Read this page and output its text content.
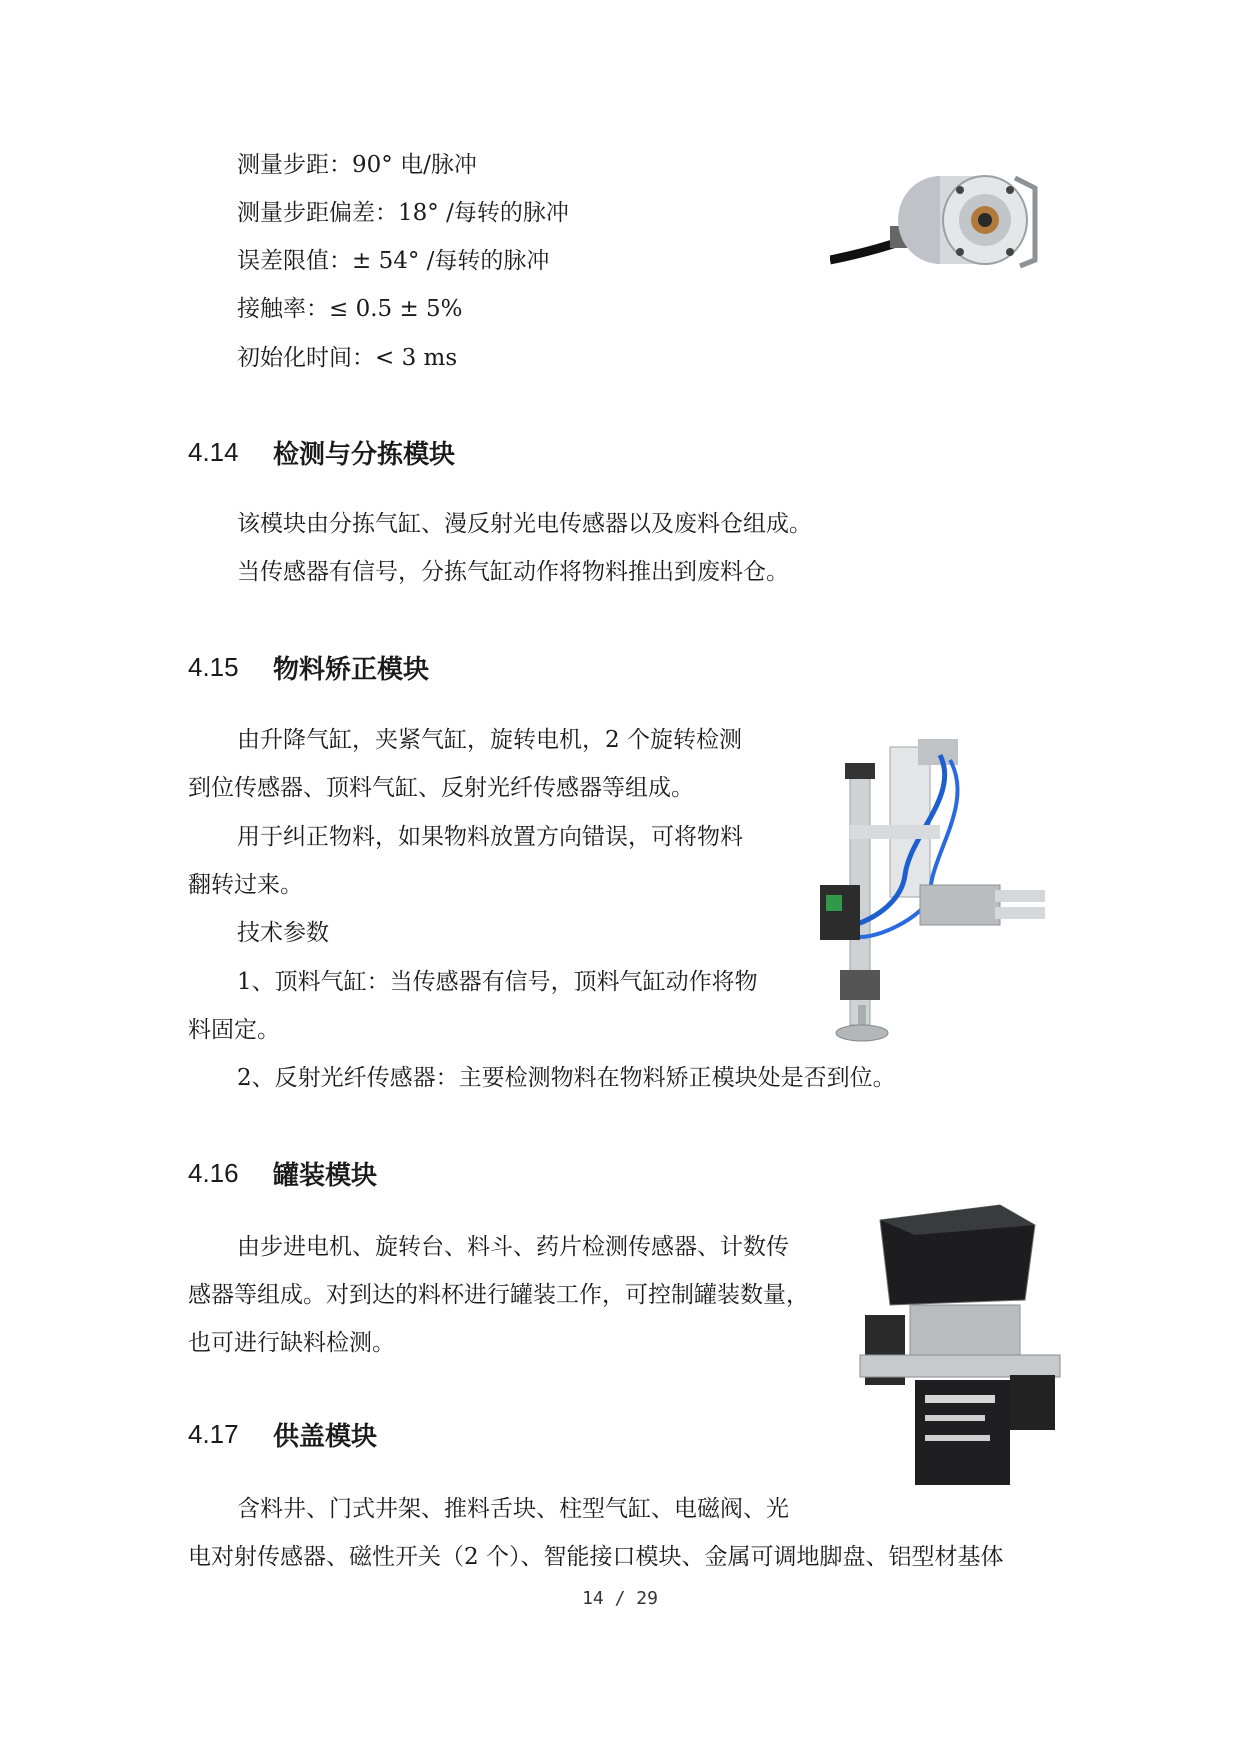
测量步距：90° 电/脉冲
测量步距偏差：18° /每转的脉冲
误差限值：± 54° /每转的脉冲
接触率：≤ 0.5 ± 5%
初始化时间：< 3 ms
4.14	检测与分拣模块
该模块由分拣气缸、漫反射光电传感器以及废料仓组成。
当传感器有信号，分拣气缸动作将物料推出到废料仓。
4.15	物料矫正模块
由升降气缸，夹紧气缸，旋转电机，2 个旋转检测
到位传感器、顶料气缸、反射光纤传感器等组成。
用于纠正物料，如果物料放置方向错误，可将物料
翻转过来。
技术参数
1、顶料气缸：当传感器有信号，顶料气缸动作将物
料固定。
2、反射光纤传感器：主要检测物料在物料矫正模块处是否到位。
4.16	罐装模块
由步进电机、旋转台、料斗、药片检测传感器、计数传
感器等组成。对到达的料杯进行罐装工作，可控制罐装数量，
也可进行缺料检测。
4.17	供盖模块
含料井、门式井架、推料舌块、柱型气缸、电磁阀、光
电对射传感器、磁性开关（2 个）、智能接口模块、金属可调地脚盘、铝型材基体
14 / 29
